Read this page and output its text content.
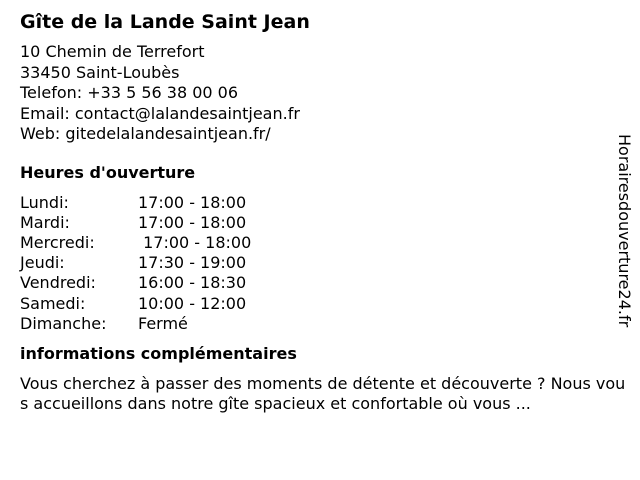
Gîte de la Lande Saint Jean
10 Chemin de Terrefort
33450 Saint-Loubès
Telefon: +33 5 56 38 00 06
Email: contact@lalandesaintjean.fr
Web: gitedelalandesaintjean.fr/
Heures d'ouverture
Lundi:	17:00 - 18:00
Mardi:	17:00 - 18:00
Mercredi:	17:00 - 18:00
Jeudi:	17:30 - 19:00
Vendredi:	16:00 - 18:30
Samedi:	10:00 - 12:00
Dimanche:	Fermé
informations complémentaires
Vous cherchez à passer des moments de détente et découverte ? Nous vous accueillons dans notre gîte spacieux et confortable où vous ...
Horairesdouverture24.fr
